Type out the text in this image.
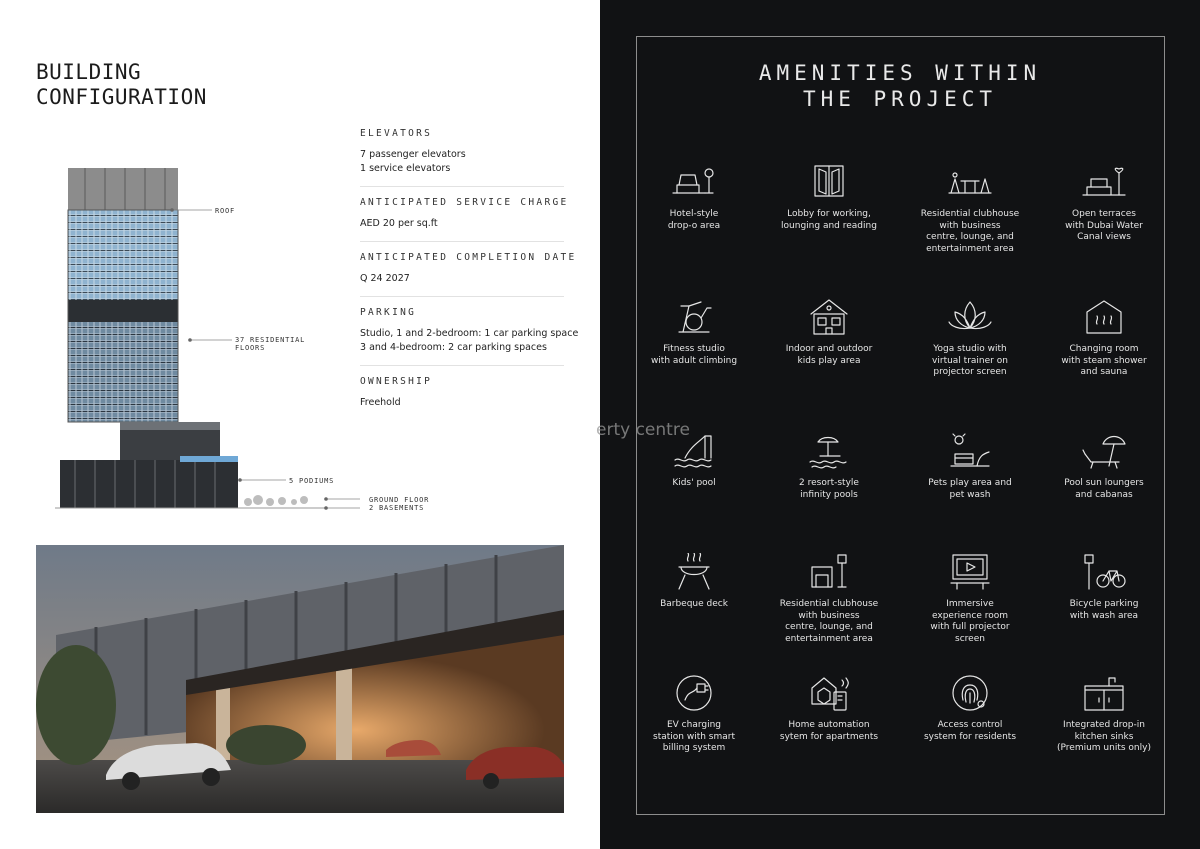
BUILDING
CONFIGURATION
ELEVATORS
7 passenger elevators
1 service elevators
ANTICIPATED SERVICE CHARGE
AED 20 per sq.ft
ANTICIPATED COMPLETION DATE
Q 24 2027
PARKING
Studio, 1 and 2-bedroom: 1 car parking space
3 and 4-bedroom: 2 car parking spaces
OWNERSHIP
Freehold
ROOF
37 RESIDENTIAL
FLOORS
5 PODIUMS
GROUND FLOOR
2 BASEMENTS
AMENITIES WITHIN
THE PROJECT
Hotel-style
drop-o area
Lobby for working,
lounging and reading
Residential clubhouse
with business
centre, lounge, and
entertainment area
Open terraces
with Dubai Water
Canal views
Fitness studio
with adult climbing
Indoor and outdoor
kids play area
Yoga studio with
virtual trainer on
projector screen
Changing room
with steam shower
and sauna
Kids' pool	2 resort-style
infinity pools
Pets play area and
pet wash
Pool sun loungers
and cabanas
Barbeque deck	Residential clubhouse
with business
centre, lounge, and
entertainment area
Immersive
experience room
with full projector
screen
Bicycle parking
with wash area
EV charging
station with smart
billing system
Home automation
sytem for apartments
Access control
system for residents
Integrated drop-in
kitchen sinks
(Premium units only)
erty centre
